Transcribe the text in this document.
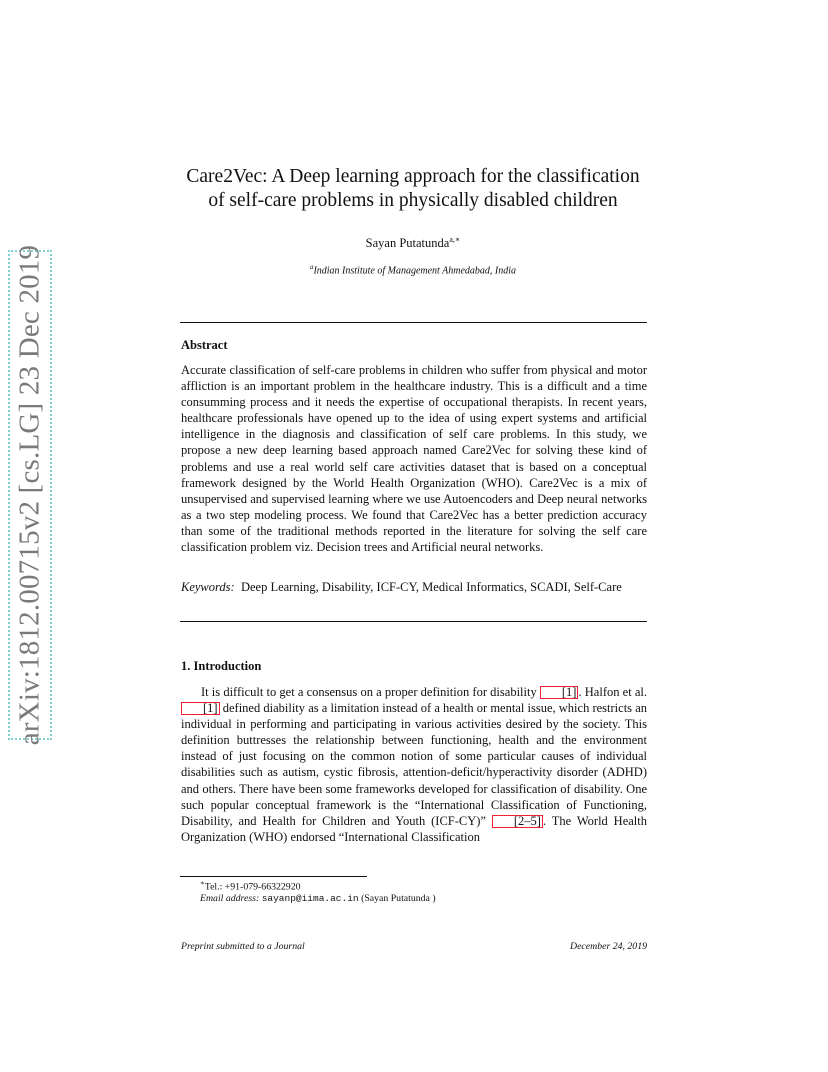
arXiv:1812.00715v2 [cs.LG] 23 Dec 2019
Care2Vec: A Deep learning approach for the classification
of self-care problems in physically disabled children
Sayan Putatunda$^{a,∗}$
$^a$Indian Institute of Management Ahmedabad, India
Abstract
Accurate classification of self-care problems in children who suffer from physical and motor affliction is an important problem in the healthcare industry. This is a difficult and a time consumming process and it needs the expertise of occupational therapists. In recent years, healthcare professionals have opened up to the idea of using expert systems and artificial intelligence in the diagnosis and classification of self care problems. In this study, we propose a new deep learning based approach named Care2Vec for solving these kind of problems and use a real world self care activities dataset that is based on a conceptual framework designed by the World Health Organization (WHO). Care2Vec is a mix of unsupervised and supervised learning where we use Autoencoders and Deep neural networks as a two step modeling process. We found that Care2Vec has a better prediction accuracy than some of the traditional methods reported in the literature for solving the self care classification problem viz. Decision trees and Artificial neural networks.
Keywords: Deep Learning, Disability, ICF-CY, Medical Informatics, SCADI, Self-Care
1. Introduction
It is difficult to get a consensus on a proper definition for disability [1] . Halfon et al. [1] defined diability as a limitation instead of a health or mental issue, which restricts an individual in performing and participating in various activities desired by the society. This definition buttresses the relationship between functioning, health and the environment instead of just focusing on the common notion of some particular causes of individual disabilities such as autism, cystic fibrosis, attention-deficit/hyperactivity disorder (ADHD) and others. There have been some frameworks developed for classification of disability. One such popular conceptual framework is the “International Classification of Functioning, Disability, and Health for Children and Youth (ICF-CY)” [2–5] . The World Health Organization (WHO) endorsed “International Classification
∗Tel.: +91-079-66322920
Email address: sayanp@iima.ac.in (Sayan Putatunda )
Preprint submitted to a Journal	December 24, 2019
